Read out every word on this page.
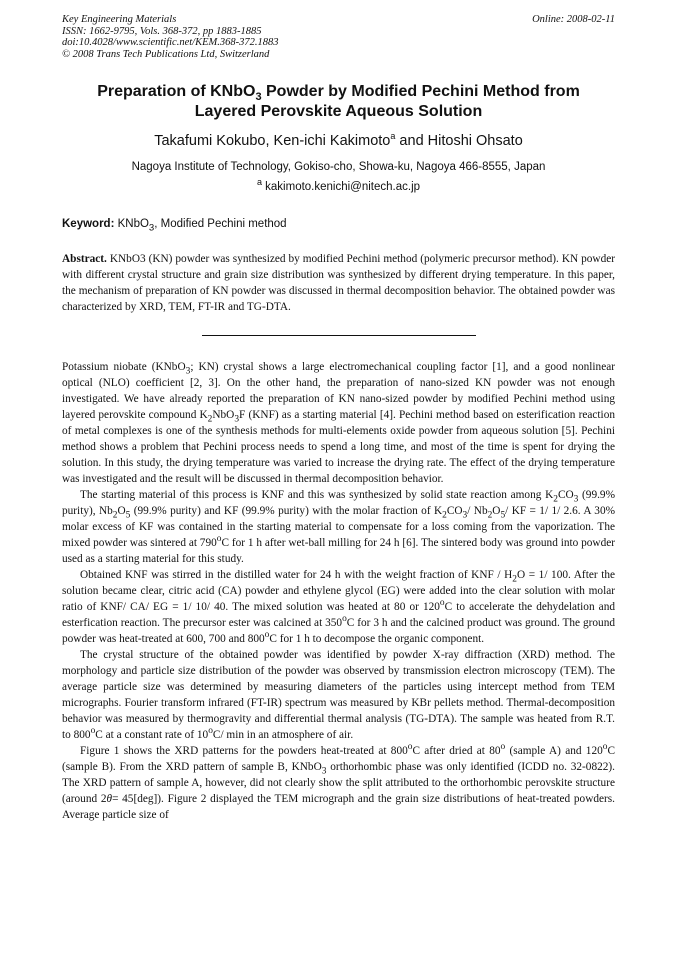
Key Engineering Materials
ISSN: 1662-9795, Vols. 368-372, pp 1883-1885
doi:10.4028/www.scientific.net/KEM.368-372.1883
© 2008 Trans Tech Publications Ltd, Switzerland
Online: 2008-02-11
Preparation of KNbO$_3$ Powder by Modified Pechini Method from
Layered Perovskite Aqueous Solution
Takafumi Kokubo, Ken-ichi Kakimoto$^a$ and Hitoshi Ohsato
Nagoya Institute of Technology, Gokiso-cho, Showa-ku, Nagoya 466-8555, Japan
$^a$ kakimoto.kenichi@nitech.ac.jp
Keyword: KNbO$_3$, Modified Pechini method
Abstract. KNbO3 (KN) powder was synthesized by modified Pechini method (polymeric precursor method). KN powder with different crystal structure and grain size distribution was synthesized by different drying temperature. In this paper, the mechanism of preparation of KN powder was discussed in thermal decomposition behavior. The obtained powder was characterized by XRD, TEM, FT-IR and TG-DTA.

Potassium niobate (KNbO$_3$; KN) crystal shows a large electromechanical coupling factor [1], and a good nonlinear optical (NLO) coefficient [2, 3]. On the other hand, the preparation of nano-sized KN powder was not enough investigated. We have already reported the preparation of KN nano-sized powder by modified Pechini method using layered perovskite compound $K_2NbO_3F$ (KNF) as a starting material [4]. Pechini method based on esterification reaction of metal complexes is one of the synthesis methods for multi-elements oxide powder from aqueous solution [5]. Pechini method shows a problem that Pechini process needs to spend a long time, and most of the time is spent for drying the solution. In this study, the drying temperature was varied to increase the drying rate. The effect of the drying temperature was investigated and the result will be discussed in thermal decomposition behavior.

The starting material of this process is KNF and this was synthesized by solid state reaction among $K_2CO_3$ (99.9% purity), $Nb_2O_5$ (99.9% purity) and KF (99.9% purity) with the molar fraction of $K_2CO_3/$ $Nb_2O_5/$ KF = 1/ 1/ 2.6. A 30% molar excess of KF was contained in the starting material to compensate for a loss coming from the vaporization. The mixed powder was sintered at 790$^o$C for 1 h after wet-ball milling for 24 h [6]. The sintered body was ground into powder used as a starting material for this study.

Obtained KNF was stirred in the distilled water for 24 h with the weight fraction of KNF / $H_2O = 1/$ 100. After the solution became clear, citric acid (CA) powder and ethylene glycol (EG) were added into the clear solution with molar ratio of KNF/ CA/ EG = 1/ 10/ 40. The mixed solution was heated at 80 or 120$^o$C to accelerate the dehydelation and esterfication reaction. The precursor ester was calcined at 350$^o$C for 3 h and the calcined product was ground. The ground powder was heat-treated at 600, 700 and 800$^o$C for 1 h to decompose the organic component.

The crystal structure of the obtained powder was identified by powder X-ray diffraction (XRD) method. The morphology and particle size distribution of the powder was observed by transmission electron microscopy (TEM). The average particle size was determined by measuring diameters of the particles using intercept method from TEM micrographs. Fourier transform infrared (FT-IR) spectrum was measured by KBr pellets method. Thermal-decomposition behavior was measured by thermogravity and differential thermal analysis (TG-DTA). The sample was heated from R.T. to 800$^o$C at a constant rate of 10$^o$C/ min in an atmosphere of air.

Figure 1 shows the XRD patterns for the powders heat-treated at 800$^o$C after dried at 80$^o$ (sample A) and 120$^o$C (sample B). From the XRD pattern of sample B, KNbO$_3$ orthorhombic phase was only identified (ICDD no. 32-0822). The XRD pattern of sample A, however, did not clearly show the split attributed to the orthorhombic perovskite structure (around 2θ= 45[deg]). Figure 2 displayed the TEM micrograph and the grain size distributions of heat-treated powders. Average particle size of
